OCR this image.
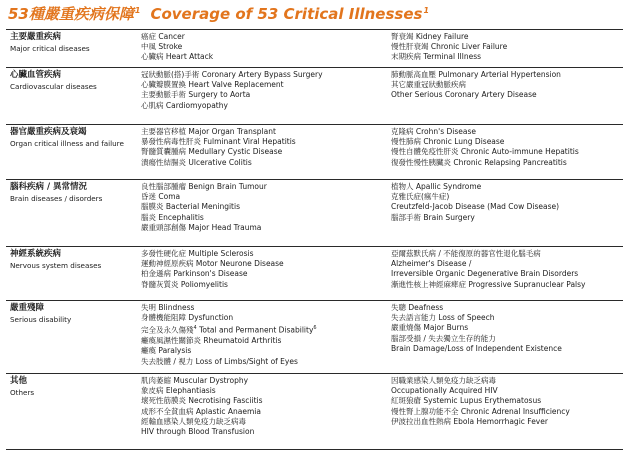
53種嚴重疾病保障$^1$ Coverage of 53 Critical Illnesses$^1$
主要嚴重疾病
Major critical diseases
癌症 Cancer
中風 Stroke
心臟病 Heart Attack
腎衰竭 Kidney Failure
慢性肝衰竭 Chronic Liver Failure
末期疾病 Terminal Illness
心臟血管疾病
Cardiovascular diseases
冠狀動脈(搭)手術 Coronary Artery Bypass Surgery
心臟瓣膜置換 Heart Valve Replacement
主要動脈手術 Surgery to Aorta
心肌病 Cardiomyopathy
肺動脈高血壓 Pulmonary Arterial Hypertension
其它嚴重冠狀動脈疾病
Other Serious Coronary Artery Disease
器官嚴重疾病及衰竭
Organ critical illness and failure
主要器官移植 Major Organ Transplant
暴發性病毒性肝炎 Fulminant Viral Hepatitis
腎髓質囊腫病 Medullary Cystic Disease
潰瘍性結腸炎 Ulcerative Colitis
克隆病 Crohn's Disease
慢性肺病 Chronic Lung Disease
慢性自體免疫性肝炎 Chronic Auto-immune Hepatitis
復發性慢性胰臟炎 Chronic Relapsing Pancreatitis
腦科疾病 / 異常情況
Brain diseases / disorders
良性腦部腫瘤 Benign Brain Tumour
昏迷 Coma
腦膜炎 Bacterial Meningitis
腦炎 Encephalitis
嚴重頭部創傷 Major Head Trauma
植物人 Apallic Syndrome
克雅氏症(瘋牛症)
Creutzfeld-Jacob Disease (Mad Cow Disease)
腦部手術 Brain Surgery
神經系統疾病
Nervous system diseases
多發性硬化症 Multiple Sclerosis
運動神經原疾病 Motor Neurone Disease
柏金遜病 Parkinson's Disease
脊髓灰質炎 Poliomyelitis
亞爾茲默氏病 / 不能復原的器官性退化腦毛病
Alzheimer's Disease /
Irreversible Organic Degenerative Brain Disorders
漸進性核上神經麻痺症 Progressive Supranuclear Palsy
嚴重殘障
Serious disability
失明 Blindness
身體機能阻障 Dysfunction
完全及永久傷殘$^4$ Total and Permanent Disability$^6$
癱瘓風濕性關節炎 Rheumatoid Arthritis
癱瘓 Paralysis
失去肢體 / 視力 Loss of Limbs/Sight of Eyes
失聰 Deafness
失去語言能力 Loss of Speech
嚴重燒傷 Major Burns
腦部受損 / 失去獨立生存的能力
Brain Damage/Loss of Independent Existence
其他
Others
肌肉萎縮 Muscular Dystrophy
象皮病 Elephantiasis
壞死性筋膜炎 Necrotising Fasciitis
成形不全貧血病 Aplastic Anaemia
經輸血感染人類免疫力缺乏病毒
HIV through Blood Transfusion
因職業感染人類免疫力缺乏病毒
Occupationally Acquired HIV
紅斑狼瘡 Systemic Lupus Erythematosus
慢性腎上腺功能不全 Chronic Adrenal Insufficiency
伊波拉出血性熱病 Ebola Hemorrhagic Fever
